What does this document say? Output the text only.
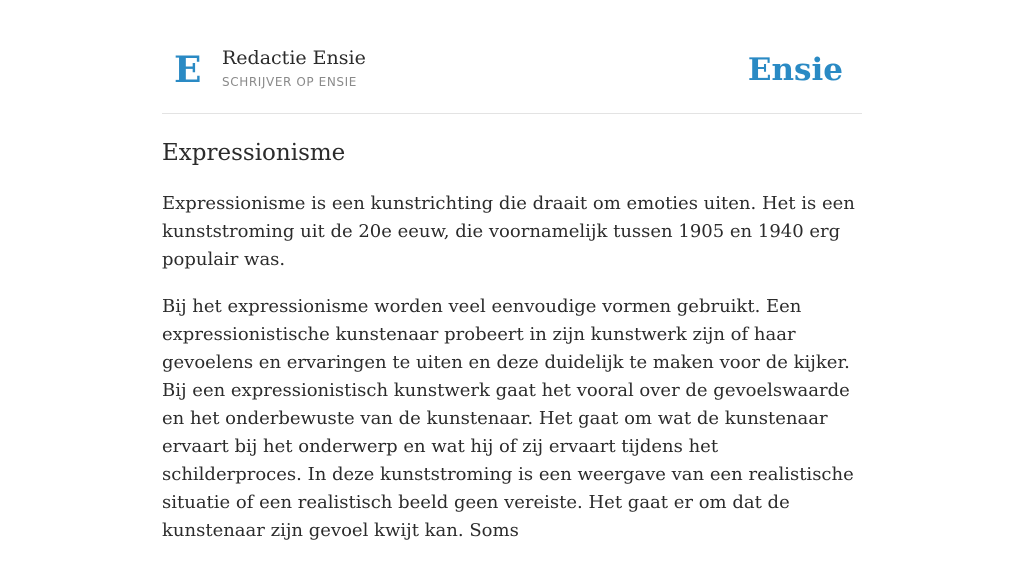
E Redactie Ensie
SCHRIJVER OP ENSIE	Ensie
Expressionisme

Expressionisme is een kunstrichting die draait om emoties uiten. Het is een kunststroming uit de 20e eeuw, die voornamelijk tussen 1905 en 1940 erg populair was.

Bij het expressionisme worden veel eenvoudige vormen gebruikt. Een expressionistische kunstenaar probeert in zijn kunstwerk zijn of haar gevoelens en ervaringen te uiten en deze duidelijk te maken voor de kijker. Bij een expressionistisch kunstwerk gaat het vooral over de gevoelswaarde en het onderbewuste van de kunstenaar. Het gaat om wat de kunstenaar ervaart bij het onderwerp en wat hij of zij ervaart tijdens het schilderproces. In deze kunststroming is een weergave van een realistische situatie of een realistisch beeld geen vereiste. Het gaat er om dat de kunstenaar zijn gevoel kwijt kan. Soms
